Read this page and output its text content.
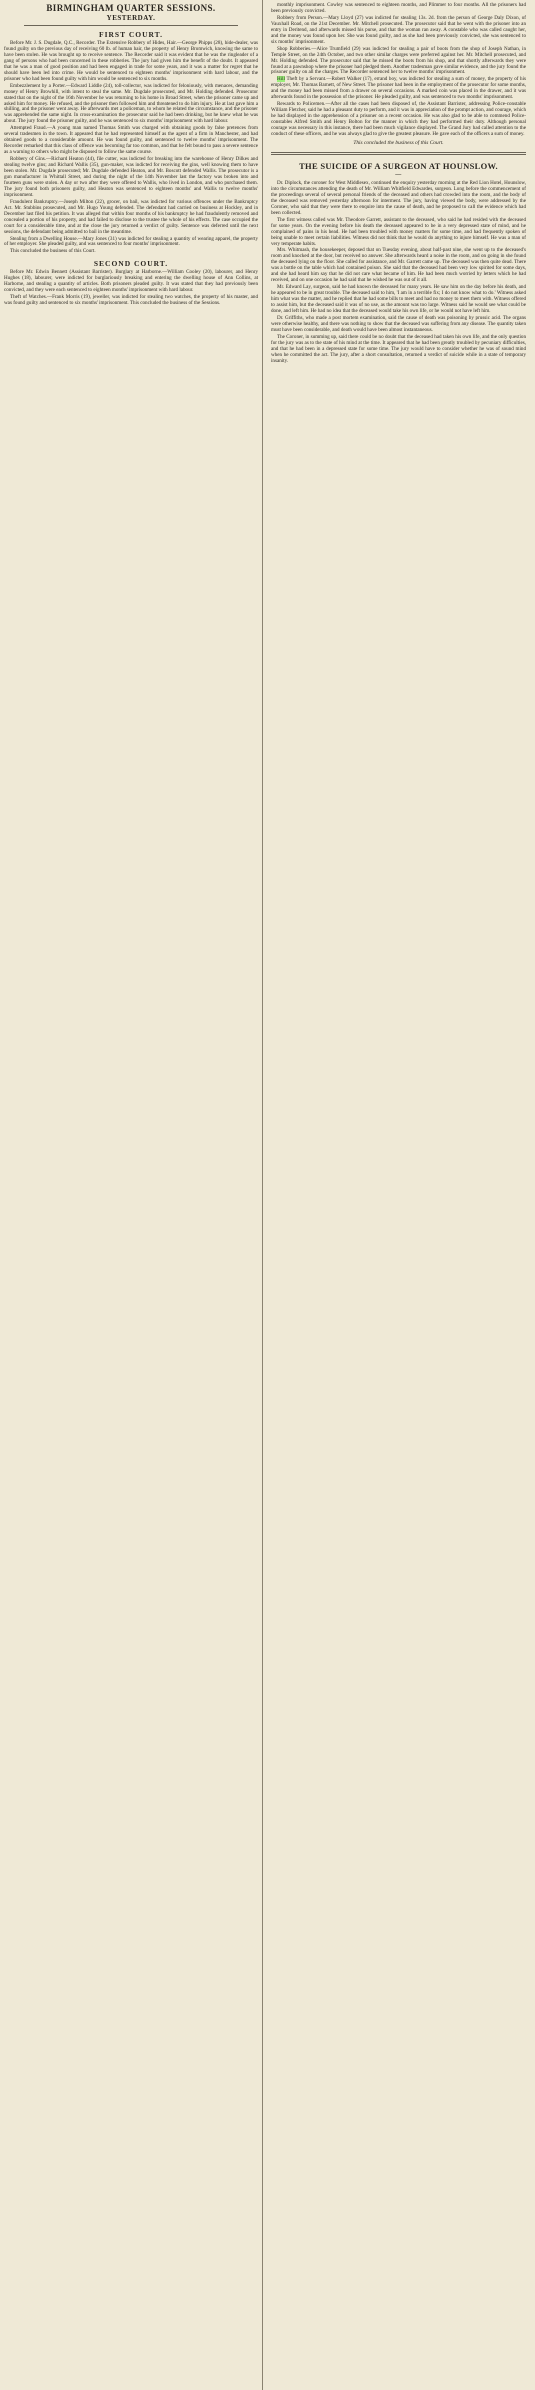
BIRMINGHAM QUARTER SESSIONS.
YESTERDAY.
FIRST COURT.

Before Mr. J. S. Dugdale, Q.C., Recorder. The Extensive Robbery of Hides, Hair.—George Phipps (28), hide-dealer, was found guilty on the previous day of receiving 60 lb. of human hair, the property of Henry Bromwich, knowing the same to have been stolen. He was brought up to receive sentence. The Recorder said it was evident that he was the ringleader of a gang of persons who had been concerned in these robberies. The jury had given him the benefit of the doubt. It appeared that he was a man of good position and had been engaged in trade for some years, and it was a matter for regret that he should have been led into crime. He would be sentenced to eighteen months' imprisonment with hard labour, and the prisoner who had been found guilty with him would be sentenced to six months.

Embezzlement by a Porter.—Edward Liddle (24), toll-collector, was indicted for feloniously, with menaces, demanding money of Henry Browhill, with intent to steal the same. Mr. Dugdale prosecuted, and Mr. Holding defended. Prosecutor stated that on the night of the 16th November he was returning to his home in Broad Street, when the prisoner came up and asked him for money. He refused, and the prisoner then followed him and threatened to do him injury. He at last gave him a shilling, and the prisoner went away. He afterwards met a policeman, to whom he related the circumstance, and the prisoner was apprehended the same night. In cross-examination the prosecutor said he had been drinking, but he knew what he was about. The jury found the prisoner guilty, and he was sentenced to six months' imprisonment with hard labour.

Attempted Fraud.—A young man named Thomas Smith was charged with obtaining goods by false pretences from several tradesmen in the town. It appeared that he had represented himself as the agent of a firm in Manchester, and had obtained goods to a considerable amount. He was found guilty, and sentenced to twelve months' imprisonment. The Recorder remarked that this class of offence was becoming far too common, and that he felt bound to pass a severe sentence as a warning to others who might be disposed to follow the same course.

Robbery of Gins.—Richard Heaton (44), file cutter, was indicted for breaking into the warehouse of Henry Dilkes and stealing twelve gins; and Richard Wallis (35), gun-maker, was indicted for receiving the gins, well knowing them to have been stolen. Mr. Dugdale prosecuted; Mr. Dugdale defended Heaton, and Mr. Boscott defended Wallis. The prosecutor is a gun manufacturer in Whittall Street, and during the night of the 14th November last the factory was broken into and fourteen guns were stolen. A day or two after they were offered to Wallis, who lived in London, and who purchased them. The jury found both prisoners guilty, and Heaton was sentenced to eighteen months' and Wallis to twelve months' imprisonment.

Fraudulent Bankruptcy.—Joseph Milton (22), grocer, on bail, was indicted for various offences under the Bankruptcy Act. Mr. Stubbins prosecuted, and Mr. Hugo Young defended. The defendant had carried on business at Hockley, and in December last filed his petition. It was alleged that within four months of his bankruptcy he had fraudulently removed and concealed a portion of his property, and had failed to disclose to the trustee the whole of his effects. The case occupied the court for a considerable time, and at the close the jury returned a verdict of guilty. Sentence was deferred until the next sessions, the defendant being admitted to bail in the meantime.

Stealing from a Dwelling House.—Mary Jones (31) was indicted for stealing a quantity of wearing apparel, the property of her employer. She pleaded guilty, and was sentenced to four months' imprisonment.

This concluded the business of this Court.

SECOND COURT.

Before Mr. Edwin Bennett (Assistant Barrister). Burglary at Harborne.—William Cooley (20), labourer, and Henry Hughes (18), labourer, were indicted for burglariously breaking and entering the dwelling house of Ann Collins, at Harborne, and stealing a quantity of articles. Both prisoners pleaded guilty. It was stated that they had previously been convicted, and they were each sentenced to eighteen months' imprisonment with hard labour.

Theft of Watches.—Frank Morris (19), jeweller, was indicted for stealing two watches, the property of his master, and was found guilty and sentenced to six months' imprisonment. This concluded the business of the Sessions.

monthly imprisonment. Cowley was sentenced to eighteen months, and Plimmer to four months. All the prisoners had been previously convicted.

Robbery from Person.—Mary Lloyd (27) was indicted for stealing 13s. 2d. from the person of George Daly Dixon, of Vauxhall Road, on the 21st December. Mr. Mitchell prosecuted. The prosecutor said that he went with the prisoner into an entry in Deritend, and afterwards missed his purse, and that the woman ran away. A constable who was called caught her, and the money was found upon her. She was found guilty, and as she had been previously convicted, she was sentenced to six months' imprisonment.

Shop Robberies.—Alice Trumfield (29) was indicted for stealing a pair of boots from the shop of Joseph Nathan, in Temple Street, on the 24th October, and two other similar charges were preferred against her. Mr. Mitchell prosecuted, and Mr. Holding defended. The prosecutor said that he missed the boots from his shop, and that shortly afterwards they were found at a pawnshop where the prisoner had pledged them. Another tradesman gave similar evidence, and the jury found the prisoner guilty on all the charges. The Recorder sentenced her to twelve months' imprisonment.

Hill Theft by a Servant.—Robert Walker (17), errand boy, was indicted for stealing a sum of money, the property of his employer, Mr. Thomas Barnett, of New Street. The prisoner had been in the employment of the prosecutor for some months, and the money had been missed from a drawer on several occasions. A marked coin was placed in the drawer, and it was afterwards found in the possession of the prisoner. He pleaded guilty, and was sentenced to two months' imprisonment.

Rewards to Policemen.—After all the cases had been disposed of, the Assistant Barrister, addressing Police-constable William Fletcher, said he had a pleasant duty to perform, and it was in appreciation of the prompt action, and courage, which he had displayed in the apprehension of a prisoner on a recent occasion. He was also glad to be able to commend Police-constables Alfred Smith and Henry Bolton for the manner in which they had performed their duty. Although personal courage was necessary in this instance, there had been much vigilance displayed. The Grand Jury had called attention to the conduct of these officers, and he was always glad to give the greatest pleasure. He gave each of the officers a sum of money.

This concluded the business of this Court.
THE SUICIDE OF A SURGEON AT HOUNSLOW.
—

Dr. Diplock, the coroner for West Middlesex, continued the enquiry yesterday morning at the Red Lion Hotel, Hounslow, into the circumstances attending the death of Mr. William Whitfield Edwardes, surgeon. Long before the commencement of the proceedings several of several personal friends of the deceased and others had crowded into the room, and the body of the deceased was removed yesterday afternoon for interment. The jury, having viewed the body, were addressed by the Coroner, who said that they were there to enquire into the cause of death, and he proposed to call the evidence which had been collected.

The first witness called was Mr. Theodore Garrett, assistant to the deceased, who said he had resided with the deceased for some years. On the evening before his death the deceased appeared to be in a very depressed state of mind, and he complained of pains in his head. He had been troubled with money matters for some time, and had frequently spoken of being unable to meet certain liabilities. Witness did not think that he would do anything to injure himself. He was a man of very temperate habits.

Mrs. Whitmash, the housekeeper, deposed that on Tuesday evening, about half-past nine, she went up to the deceased's room and knocked at the door, but received no answer. She afterwards heard a noise in the room, and on going in she found the deceased lying on the floor. She called for assistance, and Mr. Garrett came up. The deceased was then quite dead. There was a bottle on the table which had contained poison. She said that the deceased had been very low spirited for some days, and she had heard him say that he did not care what became of him. He had been much worried by letters which he had received, and on one occasion he had said that he wished he was out of it all.

Mr. Edward Lay, surgeon, said he had known the deceased for many years. He saw him on the day before his death, and he appeared to be in great trouble. The deceased said to him, 'I am in a terrible fix; I do not know what to do.' Witness asked him what was the matter, and he replied that he had some bills to meet and had no money to meet them with. Witness offered to assist him, but the deceased said it was of no use, as the amount was too large. Witness said he would see what could be done, and left him. He had no idea that the deceased would take his own life, or he would not have left him.

Dr. Griffiths, who made a post mortem examination, said the cause of death was poisoning by prussic acid. The organs were otherwise healthy, and there was nothing to show that the deceased was suffering from any disease. The quantity taken must have been considerable, and death would have been almost instantaneous.

The Coroner, in summing up, said there could be no doubt that the deceased had taken his own life, and the only question for the jury was as to the state of his mind at the time. It appeared that he had been greatly troubled by pecuniary difficulties, and that he had been in a depressed state for some time. The jury would have to consider whether he was of sound mind when he committed the act. The jury, after a short consultation, returned a verdict of suicide while in a state of temporary insanity.
